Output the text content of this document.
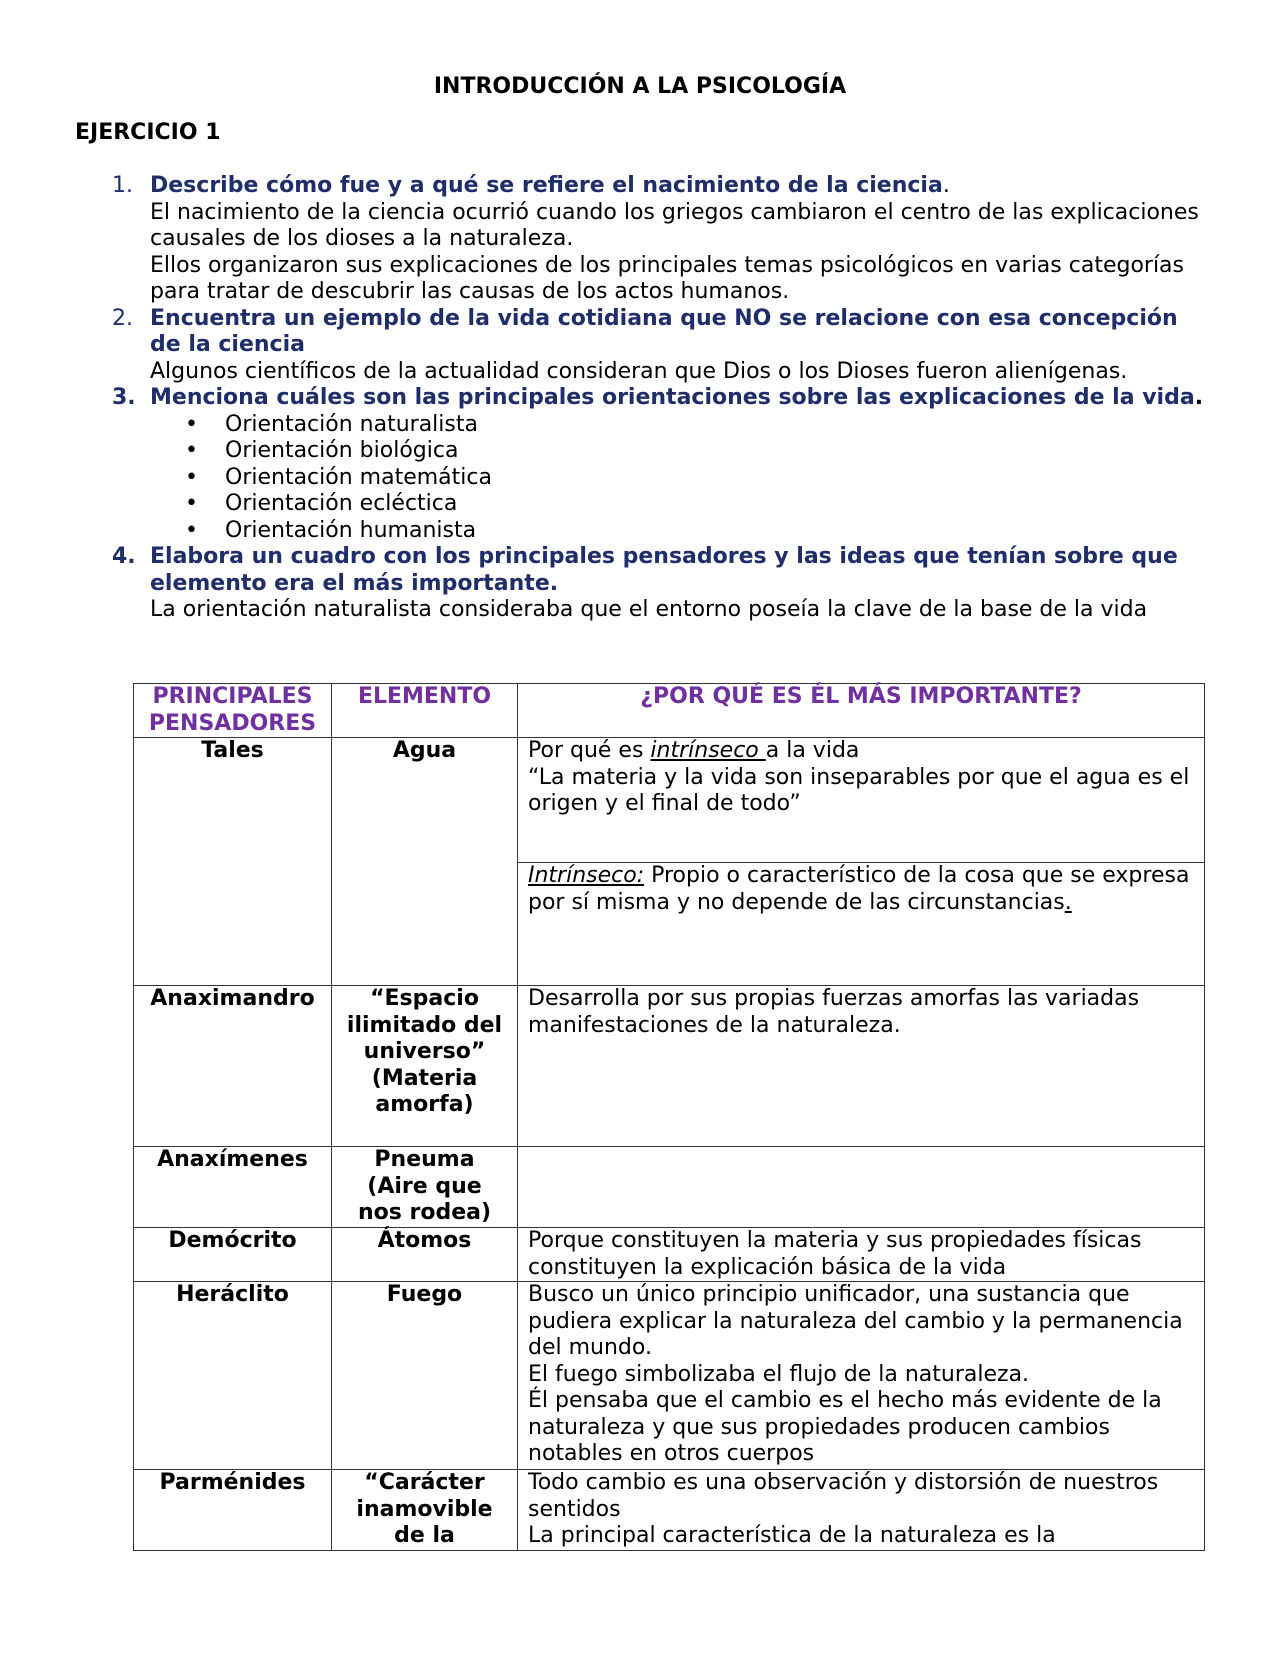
INTRODUCCIÓN A LA PSICOLOGÍA
EJERCICIO 1
1. Describe cómo fue y a qué se refiere el nacimiento de la ciencia.

El nacimiento de la ciencia ocurrió cuando los griegos cambiaron el centro de las explicaciones causales de los dioses a la naturaleza.

Ellos organizaron sus explicaciones de los principales temas psicológicos en varias categorías para tratar de descubrir las causas de los actos humanos.

2. Encuentra un ejemplo de la vida cotidiana que NO se relacione con esa concepción de la ciencia

Algunos científicos de la actualidad consideran que Dios o los Dioses fueron alienígenas.

3. Menciona cuáles son las principales orientaciones sobre las explicaciones de la vida.

• Orientación naturalista
• Orientación biológica
• Orientación matemática
• Orientación ecléctica
• Orientación humanista
4. Elabora un cuadro con los principales pensadores y las ideas que tenían sobre que elemento era el más importante.

La orientación naturalista consideraba que el entorno poseía la clave de la base de la vida

PRINCIPALES PENSADORES	ELEMENTO	¿POR QUÉ ES ÉL MÁS IMPORTANTE?
Tales	Agua	Por qué es intrínseco a la vida
“La materia y la vida son inseparables por que el agua es el origen y el final de todo”
		Intrínseco: Propio o característico de la cosa que se expresa por sí misma y no depende de las circunstancias.
Anaximandro	“Espacio ilimitado del universo” (Materia amorfa)	Desarrolla por sus propias fuerzas amorfas las variadas manifestaciones de la naturaleza.
Anaxímenes	Pneuma (Aire que nos rodea)	
Demócrito	Átomos	Porque constituyen la materia y sus propiedades físicas constituyen la explicación básica de la vida
Heráclito	Fuego	Busco un único principio unificador, una sustancia que pudiera explicar la naturaleza del cambio y la permanencia del mundo.
El fuego simbolizaba el flujo de la naturaleza.
Él pensaba que el cambio es el hecho más evidente de la naturaleza y que sus propiedades producen cambios notables en otros cuerpos

Parménides	“Carácter inamovible de la	Todo cambio es una observación y distorsión de nuestros sentidos
La principal característica de la naturaleza es la
